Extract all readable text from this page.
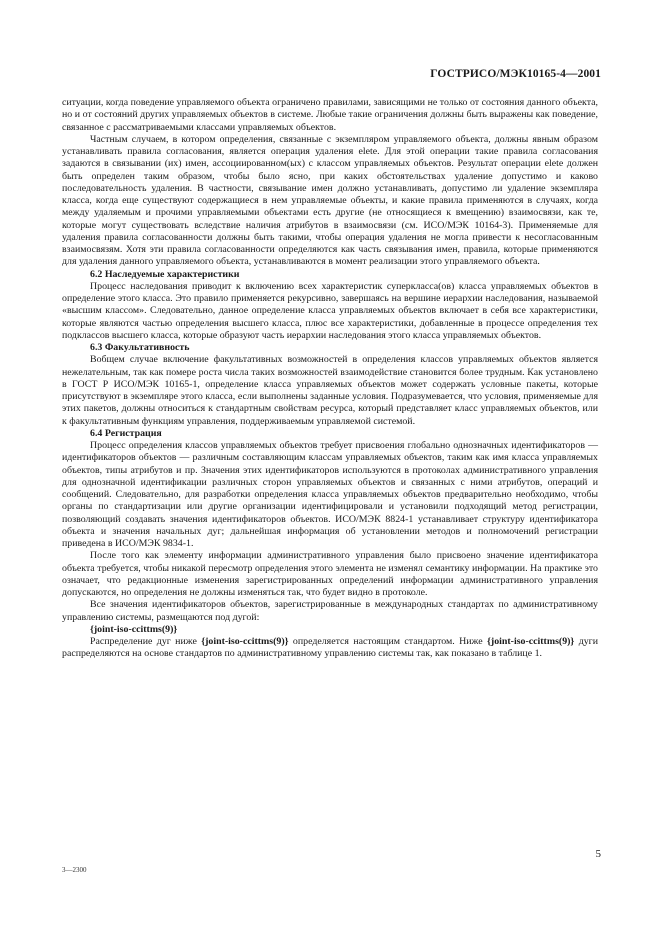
ГОСТРИСО/МЭК10165-4—2001

ситуации, когда поведение управляемого объекта ограничено правилами, зависящими не только от состояния данного объекта, но и от состояний других управляемых объектов в системе. Любые такие ограничения должны быть выражены как поведение, связанное с рассматриваемыми классами управляемых объектов.

Частным случаем, в котором определения, связанные с экземпляром управляемого объекта, должны явным образом устанавливать правила согласования, является операция удаления elete. Для этой операции такие правила согласования задаются в связывании (их) имен, ассоциированном(ых) с классом управляемых объектов. Результат операции elete должен быть определен таким образом, чтобы было ясно, при каких обстоятельствах удаление допустимо и каково последовательность удаления. В частности, связывание имен должно устанавливать, допустимо ли удаление экземпляра класса, когда еще существуют содержащиеся в нем управляемые объекты, и какие правила применяются в случаях, когда между удаляемым и прочими управляемыми объектами есть другие (не относящиеся к вмещению) взаимосвязи, как те, которые могут существовать вследствие наличия атрибутов в взаимосвязи (см. ИСО/МЭК 10164-3). Применяемые для удаления правила согласованности должны быть такими, чтобы операция удаления не могла привести к несогласованным взаимосвязям. Хотя эти правила согласованности определяются как часть связывания имен, правила, которые применяются для удаления данного управляемого объекта, устанавливаются в момент реализации этого управляемого объекта.

6.2 Наследуемые характеристики

Процесс наследования приводит к включению всех характеристик суперкласса(ов) класса управляемых объектов в определение этого класса. Это правило применяется рекурсивно, завершаясь на вершине иерархии наследования, называемой «высшим классом». Следовательно, данное определение класса управляемых объектов включает в себя все характеристики, которые являются частью определения высшего класса, плюс все характеристики, добавленные в процессе определения тех подклассов высшего класса, которые образуют часть иерархии наследования этого класса управляемых объектов.

6.3 Факультативность

Вобщем случае включение факультативных возможностей в определения классов управляемых объектов является нежелательным, так как помере роста числа таких возможностей взаимодействие становится более трудным. Как установлено в ГОСТ Р ИСО/МЭК 10165-1, определение класса управляемых объектов может содержать условные пакеты, которые присутствуют в экземпляре этого класса, если выполнены заданные условия. Подразумевается, что условия, применяемые для этих пакетов, должны относиться к стандартным свойствам ресурса, который представляет класс управляемых объектов, или к факультативным функциям управления, поддерживаемым управляемой системой.

6.4 Регистрация

Процесс определения классов управляемых объектов требует присвоения глобально однозначных идентификаторов — идентификаторов объектов — различным составляющим классам управляемых объектов, таким как имя класса управляемых объектов, типы атрибутов и пр. Значения этих идентификаторов используются в протоколах административного управления для однозначной идентификации различных сторон управляемых объектов и связанных с ними атрибутов, операций и сообщений. Следовательно, для разработки определения класса управляемых объектов предварительно необходимо, чтобы органы по стандартизации или другие организации идентифицировали и установили подходящий метод регистрации, позволяющий создавать значения идентификаторов объектов. ИСО/МЭК 8824-1 устанавливает структуру идентификатора объекта и значения начальных дуг; дальнейшая информация об установлении методов и полномочений регистрации приведена в ИСО/МЭК 9834-1.

После того как элементу информации административного управления было присвоено значение идентификатора объекта требуется, чтобы никакой пересмотр определения этого элемента не изменял семантику информации. На практике это означает, что редакционные изменения зарегистрированных определений информации административного управления допускаются, но определения не должны изменяться так, что будет видно в протоколе.

Все значения идентификаторов объектов, зарегистрированные в международных стандартах по административному управлению системы, размещаются под дугой:

{joint-iso-ccittms(9)}

Распределение дуг ниже {joint-iso-ccittms(9)} определяется настоящим стандартом. Ниже {joint-iso-ccittms(9)} дуги распределяются на основе стандартов по административному управлению системы так, как показано в таблице 1.

3—2300
5
